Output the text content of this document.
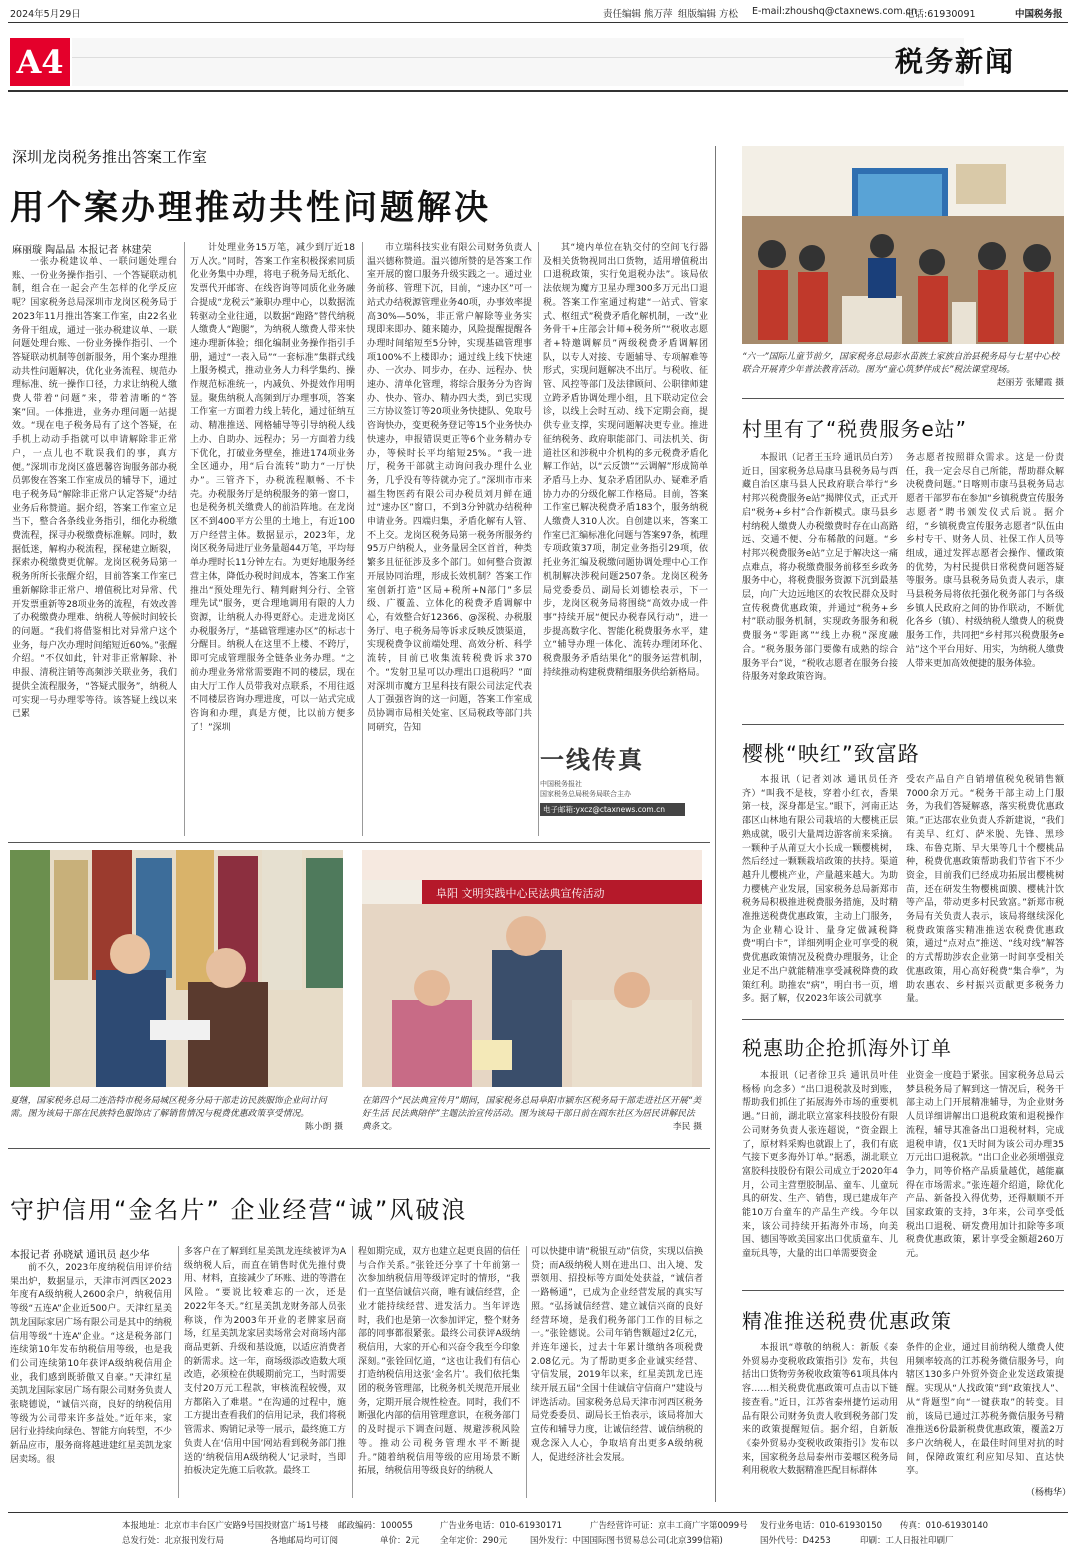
2024年5月29日	责任编辑 熊万萍 组版编辑 方松 E-mail:zhoushq@ctaxnews.com.cn
电话:61930091	中国税务报
A4	税务新闻
深圳龙岗税务推出答案工作室
用个案办理推动共性问题解决
麻丽璇 陶晶晶 本报记者 林建荣

一张办税建议单、一联问题处理台账、一份业务操作指引、一个答疑联动机制，组合在一起会产生怎样的化学反应呢？国家税务总局深圳市龙岗区税务局于2023年11月推出答案工作室，由22名业务骨干组成，通过一张办税建议单、一联问题处理台账、一份业务操作指引、一个答疑联动机制等创新服务，用个案办理推动共性问题解决，优化业务流程、规范办理标准、统一操作口径，力求让纳税人缴费人带着“问题”来，带着清晰的“答案”回。一体推进，业务办理问题一站提效。“现在电子税务局有了这个答疑，在手机上动动手指就可以申请解除非正常户，一点儿也不耽误我们的事，真方便。”深圳市龙岗区盛恩馨咨询服务部办税员郭俊在答案工作室成员的辅导下，通过电子税务局“解除非正常户认定答疑”办结业务后称赞道。据介绍，答案工作室立足当下，整合各条线业务指引，细化办税缴费流程，探寻办税缴费标准解。同时，数据低迷，解构办税流程，探秘建立断裂，探索办税缴费更优解。龙岗区税务局第一税务所所长张醒介绍，目前答案工作室已重新解除非正常户、增值税比对异常、代开发票重新等28项业务的流程，有效改善了办税缴费办理难、纳税人等候时间较长的问题。“我们将借鉴相比对异常户这个业务，每户次办理时间缩短近60%。”张醒介绍。“不仅如此，针对非正常解除、补申报、清税注销等高频涉关联业务，我们提供全流程服务，“答疑式服务”，纳税人可实现一号办理零等待。该答疑上线以来已累

计处理业务15万笔，减少到厅近18万人次。”同时，答案工作室积极探索同质化业务集中办理，将电子税务局无纸化、发票代开邮寄、在线咨询等同质化业务融合提成“龙税云”兼职办理中心，以数据流转驱动全业往通，以数据“跑路”替代纳税人缴费人“跑腿”，为纳税人缴费人带来快速办理新体验；细化编制业务操作指引手册，通过“一表入局”“一套标准”集群式线上服务模式，推动业务人力科学集约、操作规范标准统一，内减负、外提效作用明显。聚焦纳税人高频到厅办理事项，答案工作室一方面着力线上转化，通过征纳互动、精准推送、网格辅导等引导纳税人线上办、自助办、远程办；另一方面着力线下优化，打破业务壁垒，推进174项业务全区通办，用“后台流转”助力“一厅快办”。三管齐下，办税流程顺畅、不卡壳。办税服务厅是纳税服务的第一窗口，也是税务机关缴费人的前沿阵地。在龙岗区不到400平方公里的土地上，有近100万户经营主体。数据显示，2023年，龙岗区税务局进厅业务量超44万笔，平均每单办理时长11分钟左右。为更好地服务经营主体，降低办税时间成本，答案工作室推出“预处理先行、精判耐判分行、全管理先试”服务，更合理地调用有限的人力资源，让纳税人办得更舒心。走进龙岗区办税服务厅，“基础管理速办区”的标志十分醒目。纳税人在这里不上楼、不跨厅，即可完成管理服务全链条业务办理。“之前办理业务常常需要跑不同的楼层，现在由大厅工作人员带我对点联系，不用往返不同楼层咨询办理进度，可以一站式完成咨询和办理，真是方便，比以前方便多了！”深圳

市立瑞科技实业有限公司财务负责人温兴德称赞道。温兴德所赞的是答案工作室开展的窗口服务升级实践之一。通过业务前移、管理下沉，目前，“速办区”可一站式办结税源管理业务40项，办事效率提高30%—50%，非正常户解除等业务实现即来即办、随来随办，风险提醒提醒各办理时间缩短至5分钟，实现基础管理事项100%不上楼即办；通过线上线下快速办、一次办、同步办，在办、远程办、快速办、清单化管理，将综合服务分为咨询办、快办、管办、精办四大类，到已实现三方协议签订等20项业务快捷队、免取号咨询快办，变更税务登记等15个业务快办快速办，申报错误更正等6个业务精办专办，等候时长平均缩短25%。“我一进厅，税务干部就主动询问我办理什么业务，几乎没有等待就办完了。”深圳市市来福生物医药有限公司办税员刘月鲜在通过“速办区”窗口，不到3分钟就办结税种申请业务。四端归集，矛盾化解有人管、不上交。龙岗区税务局第一税务所服务约95万户纳税人，业务量居全区首首，种类繁多且征征涉及多个部门。如何整合资源开展协同治理，形成长效机制？答案工作室创新打造“区局+税所+N部门”多层级、广覆盖、立体化的税费矛盾调解中心，有效整合好12366、@深税、办税服务厅、电子税务局等诉求反映反馈渠道，实现税费争议前端处理、高效分析、科学流转，目前已收集流转税费诉求370个。“发射卫星可以办理出口退税吗？”面对深圳市魔方卫星科技有限公司法定代表人丁强强咨询的这一问题，答案工作室成员协调市局相关处室、区局税政等部门共同研究，告知

其“境内单位在轨交付的空间飞行器及相关货物视同出口货物，适用增值税出口退税政策，实行免退税办法”。该局依法依规为魔方卫星办理300多万元出口退税。答案工作室通过构建“一站式、管家式、枢纽式”税费矛盾化解机制，一改“业务骨干+庄部会计师+税务所”“税收志愿者+特邀调解员”两级税费矛盾调解团队，以专人对接、专题辅导、专项解难等形式，实现问题解决不出厅。与税收、征管、风控等部门及法律顾问、公职律师建立跨矛盾协调处理小组，且下联动定位会诊，以线上会时互动、线下定期会商，提供专业支撑，实现问题解决更专业。推进征纳税务、政府职能部门、司法机关、街道社区和涉税中介机构的多元税费矛盾化解工作站，以“云反馈”“云调解”形成简单矛盾马上办、复杂矛盾团队办、疑难矛盾协力办的分级化解工作格局。目前，答案工作室已解决税费矛盾183个，服务纳税人缴费人310人次。自创建以来，答案工作室已汇编标准化问题与答案97条，梳理专项政策37项，制定业务指引29项，依托业务汇编及税缴问题协调处理中心工作机制解决涉税问题2507条。龙岗区税务局党委委员、副局长刘德桧表示，下一步，龙岗区税务局将围绕“高效办成一件事”持续开展“便民办税春风行动”，进一步提高数字化、智能化税费服务水平，建立“辅导办理一体化、流转办理闭环化、税费服务矛盾结果化”的服务运营机制，持续推动构建税费精细服务供给新格局。

一线传真
中国税务报社
国家税务总局税务局联合主办
电子邮箱:yxcz@ctaxnews.com.cn
“六一”国际儿童节前夕，国家税务总局彭水苗族土家族自治县税务局与七星中心校联合开展青少年普法教育活动。图为“童心筑梦伴成长”税法课堂现场。
赵丽芳 张耀霞 摄
村里有了“税费服务e站”

本报讯（记者王玉玲 通讯员白芳）近日，国家税务总局康马县税务局与西藏自治区康马县人民政府联合举行“乡村邦兴税费服务e站”揭牌仪式，正式开启“税务+乡村”合作新模式。康马县乡村纳税人缴费人办税缴费时存在山高路远、交通不便、分布稀散的问题。“乡村邦兴税费服务e站”立足于解决这一痛点难点，将办税缴费服务前移至乡政务服务中心，将税费服务资源下沉到最基层，向广大边远地区的农牧民群众及时宣传税费优惠政策，并通过“税务+乡村”联动服务机制，实现政务服务和税费服务“零距离”“线上办税”深度融合。“税务服务部门要像有成熟的综合服务平台”说，“税收志愿者在服务台接待服务对象政策咨询。

务志愿者按照群众需求。这是一份责任，我一定会尽自己所能，帮助群众解决税费问题。”日喀则市康马县税务局志愿者干部罗布在参加“乡镇税费宣传服务志愿者”聘书颁发仪式后说。据介绍，“乡镇税费宣传服务志愿者”队伍由乡村专干、财务人员、社保工作人员等组成，通过发挥志愿者会操作、懂政策的优势，为村民提供日常税费问题答疑等服务。康马县税务局负责人表示，康马县税务局将依托强化税务部门与各级乡镇人民政府之间的协作联动，不断优化各乡（镇）、村级纳税人缴费人的税费服务工作，共同把“乡村邦兴税费服务e站”这个平台用好、用实，为纳税人缴费人带来更加高效便捷的服务体验。

樱桃“映红”致富路

本报讯（记者刘冰 通讯员任齐齐）“叫我不是枝，穿着小红衣，香果第一枝，深身都是宝。”眼下，河南正达邵区山林地有限公司栽培的大樱桃正层熟成就，吸引大量周边游客前来采摘。一颗种子从莆豆大小长成一颗樱桃树，然后经过一颗颗栽培政策的扶持。渠道越升儿樱桃产业，产量越来越大。为助力樱桃产业发展，国家税务总局新郑市税务局积极推进税费服务措施，及时精准推送税费优惠政策，主动上门服务，为企业精心设计、量身定做减税降费“明白卡”，详细列明企业可享受的税费优惠政策情况及税费办理服务，让企业足不出户就能精准享受减税降费的政策红利。助推农“病”，明白书一页，增多。据了解，仅2023年该公司就享

受农产品自产自销增值税免税销售额7000余万元。“税务干部主动上门服务，为我们答疑解惑，落实税费优惠政策。”正达邵农业负责人乔新建说，“我们有美早、红灯、萨米脱、先锋、黑珍珠、布鲁克斯、早大果等几十个樱桃品种，税费优惠政策帮助我们节省下不少资金，目前我们已经成功拓展出樱桃树苗，还在研发生物樱桃面膜、樱桃汁饮等产品，带动更多村民致富。”新郑市税务局有关负责人表示，该局将继续深化税费政策落实精准推送农税费优惠政策，通过“点对点”推送、“线对线”解答的方式帮助涉农企业第一时间享受相关优惠政策，用心高好税费“集合拳”，为助农惠农、乡村振兴贡献更多税务力量。

税惠助企抢抓海外订单

本报讯（记者徐卫兵 通讯员叶佳 杨杨 向念多）“出口退税款及时到账，帮助我们抓住了拓展海外市场的重要机遇。”日前，湖北联立富家科技股份有限公司财务负责人张连超说，“资金跟上了，原材料采购也就跟上了，我们有底气接下更多海外订单。”据悉，湖北联立富胶科技股份有限公司成立于2020年4月，公司主营塑胶制品、童车、儿童玩具的研发、生产、销售，现已建成年产能10万台童车的产品生产线。今年以来，该公司持续开拓海外市场，向美国、德国等欧美国家出口优质童车、儿童玩具等，大量的出口单需要资金

业资金一度趋于紧张。国家税务总局云梦县税务局了解到这一情况后，税务干部主动上门开展精准辅导，为企业财务人员详细讲解出口退税政策和退税操作流程，辅导其准备出口退税材料，完成退税申请，仅1天时间为该公司办理35万元出口退税款。“出口企业必须增强竞争力，同等价格产品质量越优，越能赢得在市场需求。”张连超介绍道，除优化产品、新备投入得优势，还得顺顺不开国家政策的支持，3年来，公司享受低税出口退税、研发费用加计扣除等多项税费优惠政策，累计享受金额超260万元。

精准推送税费优惠政策

本报讯“尊敬的纳税人：新版《泰外贸易办变税收政策指引》发布，共包括出口货物劳务税收政策等61项具体内容……相关税费优惠政策可点击以下链接查看。”近日，江苏省泰州捷竹运动用品有限公司财务负责人收到税务部门发来的政策提醒短信。据介绍，自新版《泰外贸易办变税收政策指引》发布以来，国家税务总局泰州市姜堰区税务局利用税收大数据精准匹配目标群体

条件的企业，通过目前纳税人缴费人使用频率较高的江苏税务微信服务号，向辖区130多户外贸外资企业发送政策提醒。实现从“人找政策”到“政策找人”、从“背题型”向“一键获取”的转变。目前，该局已通过江苏税务微信服务号精准推送6份最新税费优惠政策，覆盖2万多户次纳税人，在最佳时间里对抗的时间，保障政策红利应知尽知、直达快享。

（杨梅华）
夏继，国家税务总局二连浩特市税务局城区税务分局干部走访民族服饰企业问计问需。图为该局干部在民族特色服饰店了解销售情况与税费优惠政策享受情况。
陈小朗 摄
阜阳 文明实践中心民法典宣传活动
在第四个“民法典宣传月”期间，国家税务总局阜阳市颍东区税务局干部走进社区开展“美好生活 民法典陪伴”主题法治宣传活动。图为该局干部日前在阎东社区为居民讲解民法典条文。	李民 摄
守护信用“金名片” 企业经营“诚”风破浪
本报记者 孙晓斌 通讯员 赵少华

前不久，2023年度纳税信用评价结果出炉，数据显示，天津市河西区2023年度有A级纳税人2600余户，纳税信用等级“五连A”企业近500户。天津红星美凯龙国际家居广场有限公司是其中的纳税信用等级“十连A”企业。“这是税务部门连续第10年发布纳税信用等级，也是我们公司连续第10年获评A级纳税信用企业，我们感到既骄傲又自豪。”天津红星美凯龙国际家居广场有限公司财务负责人张晓德说，“诚信兴商，良好的纳税信用等级为公司带来许多益处。”近年来，家居行业持续向绿色、智能方向转型，不少新品应市，服务商将越进建红星美凯龙家居卖场。很

多客户在了解到红星美凯龙连续被评为A级纳税人后，而直在销售时优先推付费用、材料，直接减少了环账、进的等潜在风险。“要说比较难忘的一次，还是2022年冬天。”红星美凯龙财务部人员张称谈，作为2003年开业的老牌家居商场，红星美凯龙家居卖场常会对商场内部商品更新、升级和基设施，以适应消费者的新需求。这一年，商场级添改造数大项改造，必须检在供暖期前完工，当时需要支付20万元工程款，审核流程较慢，双方都陷入了难堪。“在沟通的过程中，施工方提出查看我们的信用记录，我们将税管需求、购销记录等一展示，最终施工方负责人在‘信用中国’网站看到税务部门推送的‘纳税信用A级纳税人’记录时，当即拍板决定先施工后收款。最终工

程如期完成，双方也建立起更良固的信任与合作关系。”张铨还分享了十年前第一次参加纳税信用等级评定时的情形，“我们一直坚信诚信兴商，唯有诚信经营，企业才能持续经营、进发活力。当年评选时，我们也是第一次参加评定，整个财务部的同事都很紧张。最终公司获评A级纳税信用，大家的开心和兴奋令我至今印象深刻。”张铨回忆道，“这也让我们有信心打造纳税信用这张‘金名片’。我们依托集团的税务管理部，比税务机关规范开展业务，定期开展合规性检查。同时，我们不断强化内部的信用管理意识，在税务部门的及时提示下调查问题、规避涉税风险等。推动公司税务管理水平不断提升。”随着纳税信用等级的应用场景不断拓展，纳税信用等级良好的纳税人

可以快捷申请“税银互动”信贷，实现以信换贷；而A级纳税人则在进出口、出入境、发票领用、招投标等方面处处获益，“诚信者一路畅通”，已成为企业经营发展的真实写照。“弘扬诚信经营、建立诚信兴商的良好经营环境，是我们税务部门工作的目标之一。”张铨德说。公司年销售额超过2亿元，并连年递长，过去十年累计缴纳各项税费2.08亿元。为了帮助更多企业诚实经营、守信发展，2019年以来，红星美凯龙已连续开展五届“全国十佳诚信守信商户”建设与评选活动。国家税务总局天津市河西区税务局党委委员、副局长王怡表示，该局将加大宣传和辅导力度，让诚信经营、诚信纳税的观念深入人心，争取培育出更多A级纳税人，促进经济社会发展。

本报地址：北京市丰台区广安路9号国投财富广场1号楼 邮政编码：100055	广告业务电话：010-61930171	广告经营许可证：京丰工商广字第0099号 发行业务电话：010-61930150 传真：010-61930140
总发行处：北京报刊发行局	各地邮局均可订阅	单价：2元 全年定价：290元	国外发行：中国国际图书贸易总公司(北京399信箱)	国外代号：D4253	印刷：工人日报社印刷厂
